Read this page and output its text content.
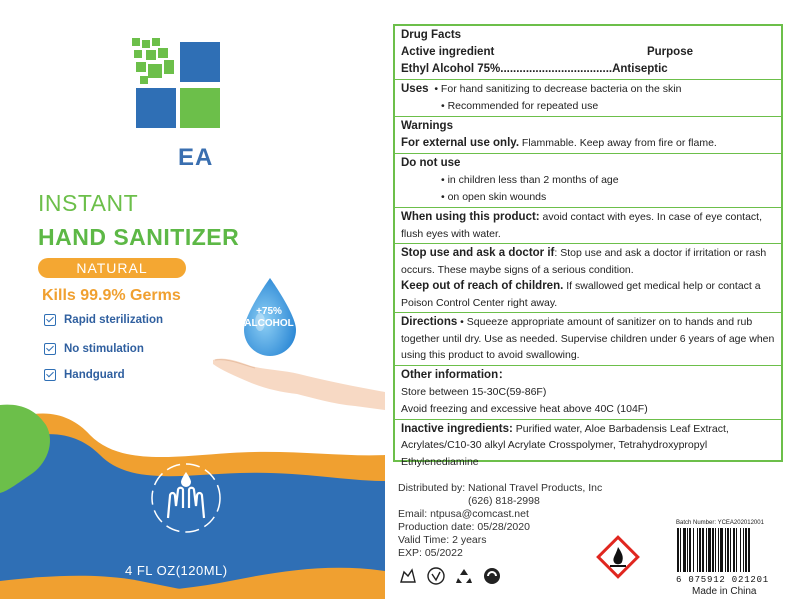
EA
INSTANT
HAND SANITIZER
NATURAL
Kills 99.9% Germs
Rapid sterilization
No stimulation
Handguard
+75%
ALCOHOL
4 FL OZ(120ML)
Drug Facts
Active ingredient	Purpose
Ethyl Alcohol 75%...................................Antiseptic
Uses • For hand sanitizing to decrease bacteria on the skin
• Recommended for repeated use
Warnings
For external use only. Flammable. Keep away from fire or flame.
Do not use
• in children less than 2 months of age
• on open skin wounds
When using this product: avoid contact with eyes. In case of eye contact, flush eyes with water.
Stop use and ask a doctor if: Stop use and ask a doctor if irritation or rash occurs. These maybe signs of a serious condition.
Keep out of reach of children. If swallowed get medical help or contact a Poison Control Center right away.
Directions • Squeeze appropriate amount of sanitizer on to hands and rub together until dry. Use as needed. Supervise children under 6 years of age when using this product to avoid swallowing.
Other information：
Store between 15-30C(59-86F)
Avoid freezing and excessive heat above 40C (104F)
Inactive ingredients: Purified water, Aloe Barbadensis Leaf Extract, Acrylates/C10-30 alkyl Acrylate Crosspolymer, Tetrahydroxypropyl Ethylenediamine
Distributed by: National Travel Products, Inc
(626) 818-2998
Email: ntpusa@comcast.net
Production date: 05/28/2020
Valid Time: 2 years
EXP: 05/2022
Batch Number: YCEA202012001
6 075912 021201
Made in China
